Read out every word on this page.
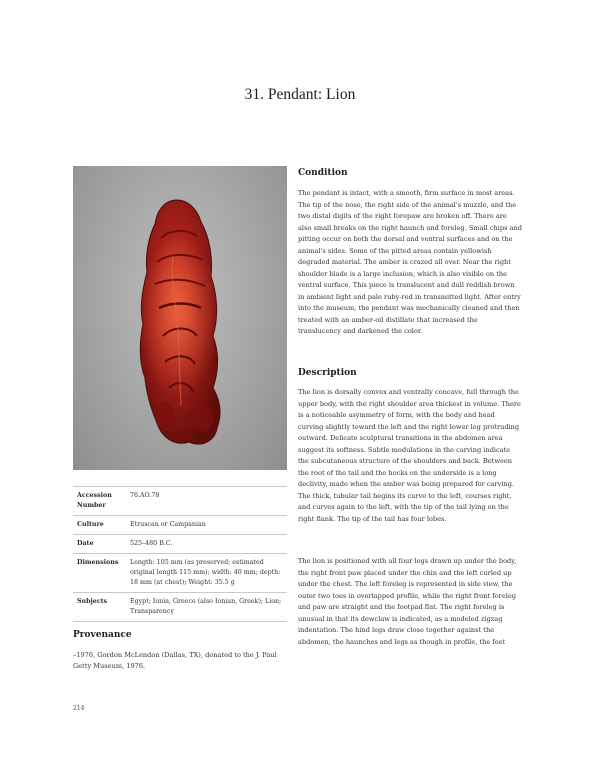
31. Pendant: Lion
Accession Number	76.AO.78
Culture	Etruscan or Campanian
Date	525–480 B.C.
Dimensions	Length: 105 mm (as preserved; estimated original length 115 mm); width: 40 mm; depth: 18 mm (at chest); Weight: 35.5 g
Subjects	Egypt; Ionia, Greece (also Ionian, Greek); Lion; Transparency
Provenance
–1976, Gordon McLendon (Dallas, TX), donated to the J. Paul Getty Museum, 1976.
Condition

The pendant is intact, with a smooth, firm surface in most areas. The tip of the nose, the right side of the animal's muzzle, and the two distal digits of the right forepaw are broken off. There are also small breaks on the right haunch and foreleg. Small chips and pitting occur on both the dorsal and ventral surfaces and on the animal's sides. Some of the pitted areas contain yellowish degraded material. The amber is crazed all over. Near the right shoulder blade is a large inclusion, which is also visible on the ventral surface. This piece is translucent and dull reddish brown in ambient light and pale ruby-red in transmitted light. After entry into the museum, the pendant was mechanically cleaned and then treated with an amber-oil distillate that increased the translucency and darkened the color.

Description

The lion is dorsally convex and ventrally concave, full through the upper body, with the right shoulder area thickest in volume. There is a noticeable asymmetry of form, with the body and head curving slightly toward the left and the right lower leg protruding outward. Delicate sculptural transitions in the abdomen area suggest its softness. Subtle modulations in the carving indicate the subcutaneous structure of the shoulders and back. Between the root of the tail and the hocks on the underside is a long declivity, made when the amber was being prepared for carving. The thick, tubular tail begins its curve to the left, courses right, and curves again to the left, with the tip of the tail lying on the right flank. The tip of the tail has four lobes.

The lion is positioned with all four legs drawn up under the body, the right front paw placed under the chin and the left curled up under the chest. The left foreleg is represented in side view, the outer two toes in overlapped profile, while the right front foreleg and paw are straight and the footpad flat. The right foreleg is unusual in that its dewclaw is indicated, as a modeled zigzag indentation. The hind legs draw close together against the abdomen, the haunches and legs as though in profile, the feet

214
